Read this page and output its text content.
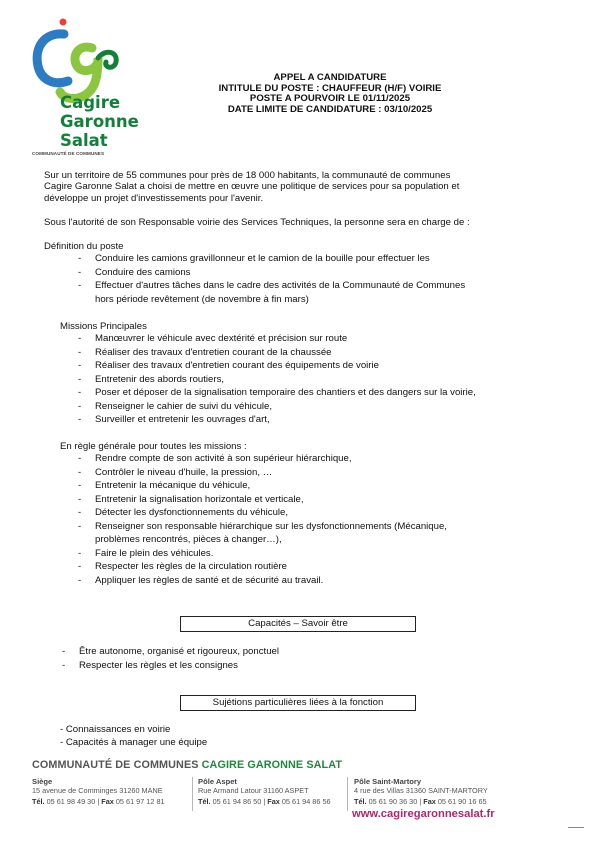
Cagire
Garonne
Salat
COMMUNAUTÉ DE COMMUNES
APPEL A CANDIDATURE
INTITULE DU POSTE : CHAUFFEUR (H/F) VOIRIE
POSTE A POURVOIR LE 01/11/2025
DATE LIMITE DE CANDIDATURE : 03/10/2025
Sur un territoire de 55 communes pour près de 18 000 habitants, la communauté de communes
Cagire Garonne Salat a choisi de mettre en œuvre une politique de services pour sa population et
développe un projet d'investissements pour l'avenir.
Sous l'autorité de son Responsable voirie des Services Techniques, la personne sera en charge de :
Définition du poste
- Conduire les camions gravillonneur et le camion de la bouille pour effectuer les
- Conduire des camions
- Effectuer d'autres tâches dans le cadre des activités de la Communauté de Communes
hors période revêtement (de novembre à fin mars)
Missions Principales
- Manœuvrer le véhicule avec dextérité et précision sur route
- Réaliser des travaux d'entretien courant de la chaussée
- Réaliser des travaux d'entretien courant des équipements de voirie
- Entretenir des abords routiers,
- Poser et déposer de la signalisation temporaire des chantiers et des dangers sur la voirie,
- Renseigner le cahier de suivi du véhicule,
- Surveiller et entretenir les ouvrages d'art,
En règle générale pour toutes les missions :
- Rendre compte de son activité à son supérieur hiérarchique,
- Contrôler le niveau d'huile, la pression, …
- Entretenir la mécanique du véhicule,
- Entretenir la signalisation horizontale et verticale,
- Détecter les dysfonctionnements du véhicule,
- Renseigner son responsable hiérarchique sur les dysfonctionnements (Mécanique,
problèmes rencontrés, pièces à changer…),
- Faire le plein des véhicules.
- Respecter les règles de la circulation routière
- Appliquer les règles de santé et de sécurité au travail.
Capacités – Savoir être
- Être autonome, organisé et rigoureux, ponctuel
- Respecter les règles et les consignes
Sujétions particulières liées à la fonction
- Connaissances en voirie
- Capacités à manager une équipe
COMMUNAUTÉ DE COMMUNES CAGIRE GARONNE SALAT
Siège
15 avenue de Comminges 31260 MANE
Tél. 05 61 98 49 30 | Fax 05 61 97 12 81
Pôle Aspet
Rue Armand Latour 31160 ASPET
Tél. 05 61 94 86 50 | Fax 05 61 94 86 56
Pôle Saint-Martory
4 rue des Villas 31360 SAINT-MARTORY
Tél. 05 61 90 36 30 | Fax 05 61 90 16 65
www.cagiregaronnesalat.fr
